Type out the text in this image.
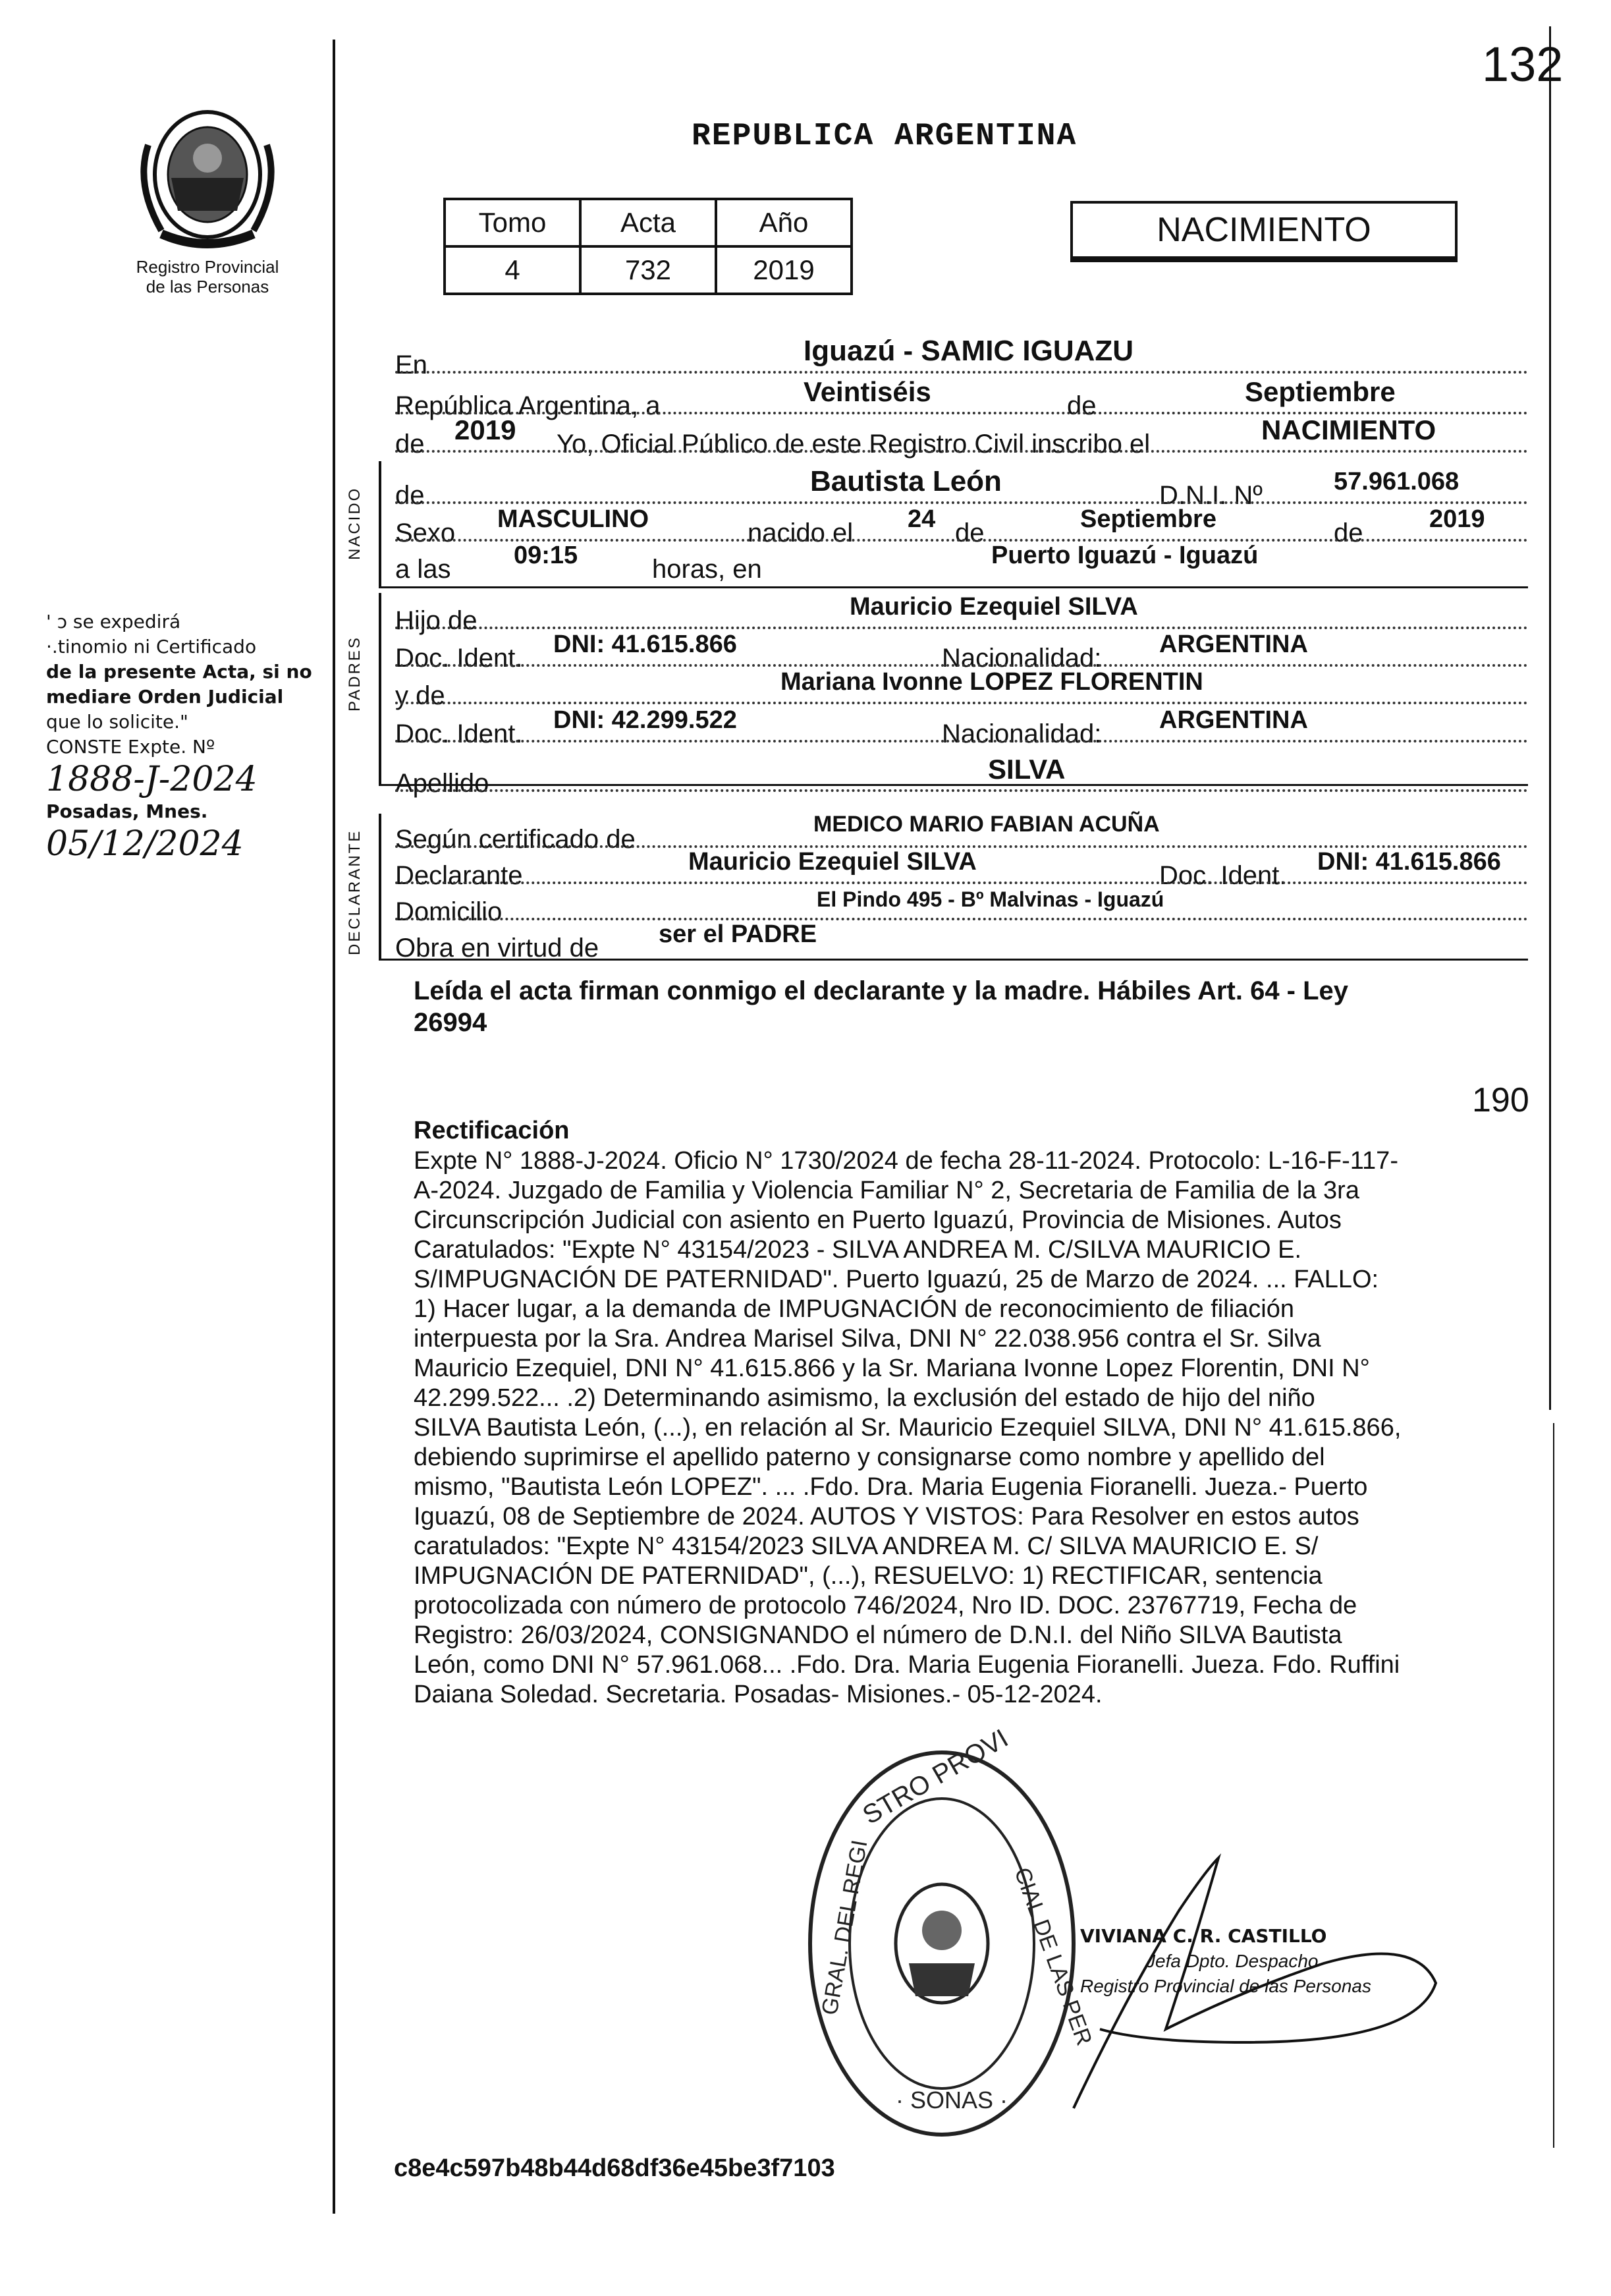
132
Registro Provincial
de las Personas
REPUBLICA ARGENTINA
Tomo	Acta	Año
4	732	2019
NACIMIENTO
En	Iguazú - SAMIC IGUAZU
República Argentina, a	Veintiséis	de	Septiembre
de 2019 Yo, Oficial Público de este Registro Civil inscribo el	NACIMIENTO
NACIDO de	Bautista León	D.N.I. Nº	57.961.068
Sexo MASCULINO	nacido el 24 de	Septiembre	de	2019
a las	09:15	horas, en	Puerto Iguazú - Iguazú
PADRES
Hijo de	Mauricio Ezequiel SILVA
Doc. Ident. DNI: 41.615.866	Nacionalidad: ARGENTINA
y de	Mariana Ivonne LOPEZ FLORENTIN
Doc. Ident. DNI: 42.299.522	Nacionalidad: ARGENTINA
Apellido	SILVA
DECLARANTE Según certificado de
MEDICO MARIO FABIAN ACUÑA
Declarante	Mauricio Ezequiel SILVA	Doc. Ident. DNI: 41.615.866
Domicilio	El Pindo 495 - Bº Malvinas - Iguazú
Obra en virtud de ser el PADRE
Leída el acta firman conmigo el declarante y la madre. Hábiles Art. 64 - Ley
26994
' ɔ se expedirá
·.tinomio ni Certificado
de la presente Acta, si no
mediare Orden Judicial
que lo solicite."
CONSTE Expte. Nº
1888-J-2024
Posadas, Mnes.
05/12/2024
190
Rectificación
Expte N° 1888-J-2024. Oficio N° 1730/2024 de fecha 28-11-2024. Protocolo: L-16-F-117-
A-2024. Juzgado de Familia y Violencia Familiar N° 2, Secretaria de Familia de la 3ra
Circunscripción Judicial con asiento en Puerto Iguazú, Provincia de Misiones. Autos
Caratulados: "Expte N° 43154/2023 - SILVA ANDREA M. C/SILVA MAURICIO E.
S/IMPUGNACIÓN DE PATERNIDAD". Puerto Iguazú, 25 de Marzo de 2024. ... FALLO:
1) Hacer lugar, a la demanda de IMPUGNACIÓN de reconocimiento de filiación
interpuesta por la Sra. Andrea Marisel Silva, DNI N° 22.038.956 contra el Sr. Silva
Mauricio Ezequiel, DNI N° 41.615.866 y la Sr. Mariana Ivonne Lopez Florentin, DNI N°
42.299.522... .2) Determinando asimismo, la exclusión del estado de hijo del niño
SILVA Bautista León, (...), en relación al Sr. Mauricio Ezequiel SILVA, DNI N° 41.615.866,
debiendo suprimirse el apellido paterno y consignarse como nombre y apellido del
mismo, "Bautista León LOPEZ". ... .Fdo. Dra. Maria Eugenia Fioranelli. Jueza.- Puerto
Iguazú, 08 de Septiembre de 2024. AUTOS Y VISTOS: Para Resolver en estos autos
caratulados: "Expte N° 43154/2023 SILVA ANDREA M. C/ SILVA MAURICIO E. S/
IMPUGNACIÓN DE PATERNIDAD", (...), RESUELVO: 1) RECTIFICAR, sentencia
protocolizada con número de protocolo 746/2024, Nro ID. DOC. 23767719, Fecha de
Registro: 26/03/2024, CONSIGNANDO el número de D.N.I. del Niño SILVA Bautista
León, como DNI N° 57.961.068... .Fdo. Dra. Maria Eugenia Fioranelli. Jueza. Fdo. Ruffini
Daiana Soledad. Secretaria. Posadas- Misiones.- 05-12-2024.
STRO PROVI
GRAL. DEL REGI	CIAL DE LAS PER
· SONAS ·
VIVIANA C. R. CASTILLO
Jefa Dpto. Despacho
Registro Provincial de las Personas
c8e4c597b48b44d68df36e45be3f7103
